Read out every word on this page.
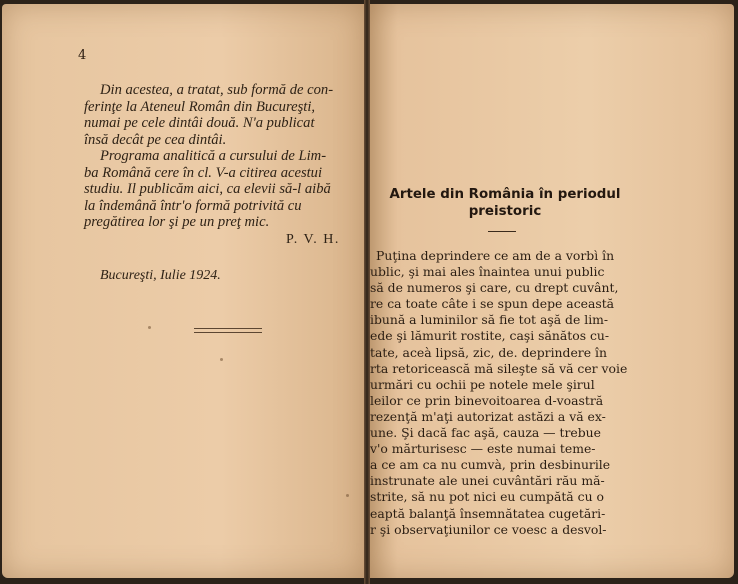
4

Din acestea, a tratat, sub formă de con-
ferinţe la Ateneul Român din Bucureşti,
numai pe cele dintâi două. N'a publicat
însă decât pe cea dintâi.

Programa analitică a cursului de Lim-
ba Română cere în cl. V-a citirea acestui
studiu. Il publicăm aici, ca elevii să-l aibă
la îndemână într'o formă potrivită cu
pregătirea lor şi pe un preţ mic.

P. V. H.
Bucureşti, Iulie 1924.
Artele din România în periodul preistoric
Puţina deprindere ce am de a vorbì în
ublic, şi mai ales înaintea unui public
să de numeros şi care, cu drept cuvânt,
re ca toate câte i se spun depe această
ibună a luminilor să fie tot aşă de lim-
ede şi lămurit rostite, caşi sănătos cu-
tate, aceà lipsă, zic, de. deprindere în
rta retoricească mă sileşte să vă cer voie
urmări cu ochii pe notele mele şirul
leilor ce prin binevoitoarea d-voastră
rezenţă m'aţi autorizat astăzi a vă ex-
une. Şi dacă fac aşă, cauza — trebue
v'o mărturisesc — este numai teme-
a ce am ca nu cumvà, prin desbinurile
instrunate ale unei cuvântări rău mă-
strite, să nu pot nici eu cumpătă cu o
eaptă balanţă însemnătatea cugetări-
r şi observaţiunilor ce voesc a desvol-
